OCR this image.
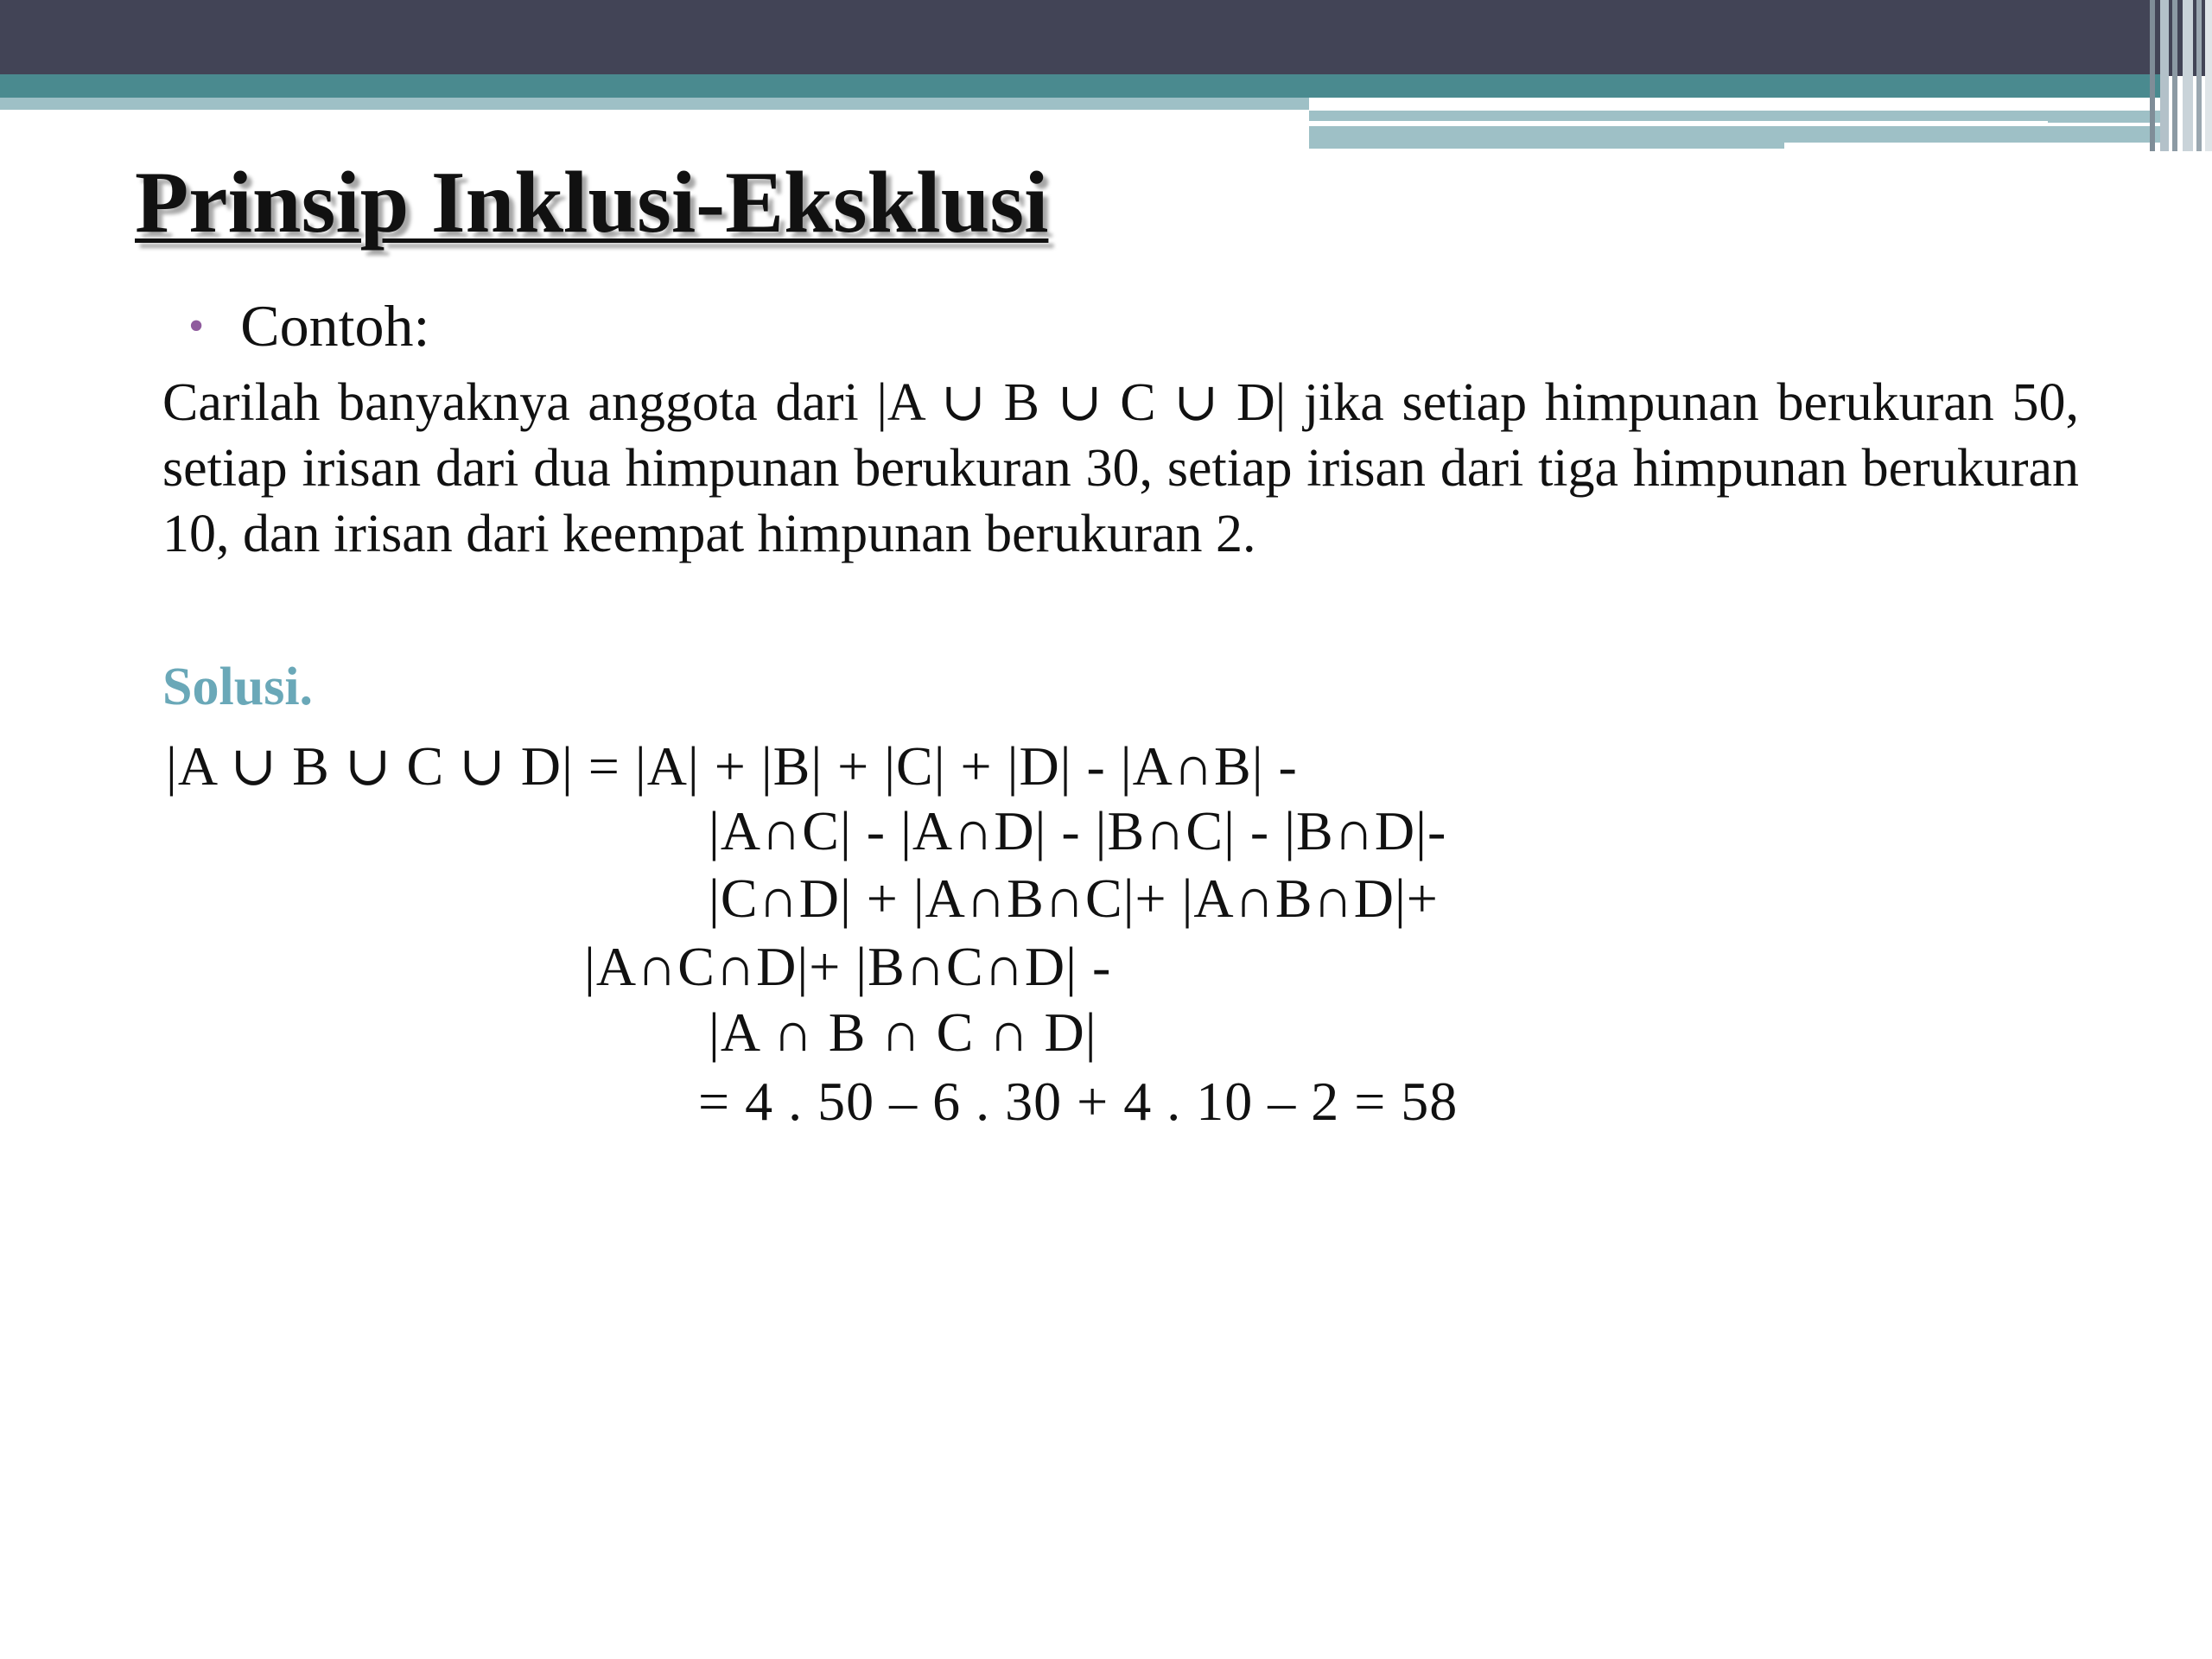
Prinsip Inklusi-Eksklusi
• Contoh:
Carilah banyaknya anggota dari |A ∪ B ∪ C ∪ D| jika setiap himpunan berukuran 50, setiap irisan dari dua himpunan berukuran 30, setiap irisan dari tiga himpunan berukuran 10, dan irisan dari keempat himpunan berukuran 2.
Solusi.
|A ∪ B ∪ C ∪ D| = |A| + |B| + |C| + |D| - |A∩B| -
|A∩C| - |A∩D| - |B∩C| - |B∩D|-
|C∩D| + |A∩B∩C|+ |A∩B∩D|+
|A∩C∩D|+ |B∩C∩D| -
|A ∩ B ∩ C ∩ D|
= 4 . 50 – 6 . 30 + 4 . 10 – 2 = 58
